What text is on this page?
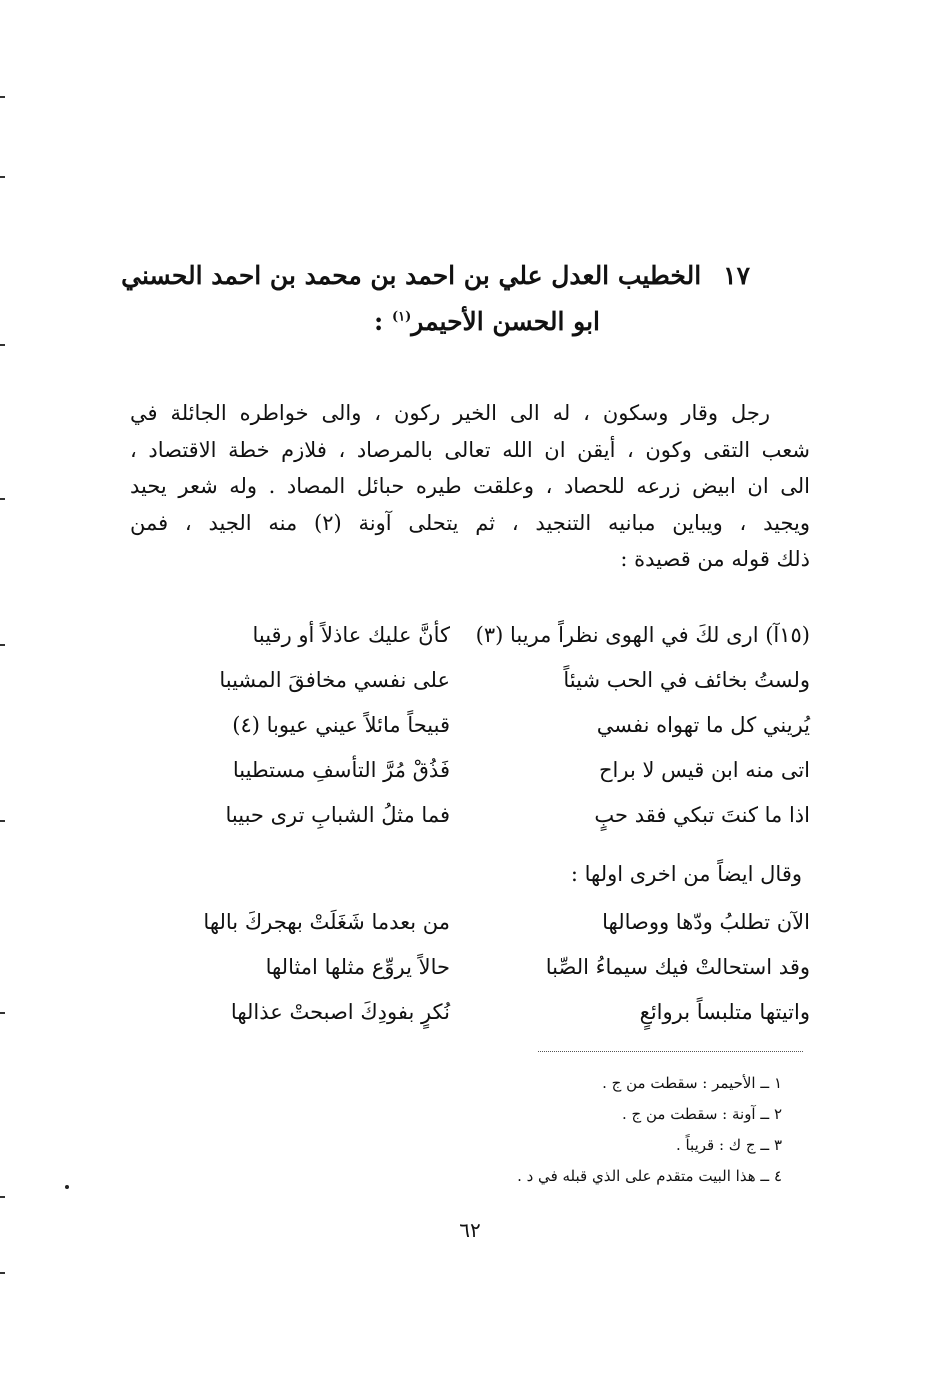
١٧الخطيب العدل علي بن احمد بن محمد بن احمد الحسني
ابو الحسن الأحيمر$^{(١)}$ :
رجل وقار وسكون ، له الى الخير ركون ، والى خواطره الجائلة في
شعب التقى وكون ، أيقن ان الله تعالى بالمرصاد ، فلازم خطة الاقتصاد ،
الى ان ابيض زرعه للحصاد ، وعلقت طيره حبائل المصاد . وله شعر يحيد
ويجيد ، ويباين مبانيه التنجيد ، ثم يتحلى آونة (٢) منه الجيد ، فمن
ذلك قوله من قصيدة :
(١٥آ) ارى لكَ في الهوى نظراً مريبا (٣)
كأنَّ عليك عاذلاً أو رقيبا
ولستُ بخائف في الحب شيئاً
على نفسي مخافقَ المشيبا
يُريني كل ما تهواه نفسي
قبيحاً مائلاً عيني عيوبا (٤)
اتى منه ابن قيس لا براح
فَذُقْ مُرَّ التأسفِ مستطيبا
اذا ما كنتَ تبكي فقد حبٍ
فما مثلُ الشبابِ ترى حبيبا
وقال ايضاً من اخرى اولها :
الآن تطلبُ ودّها ووصالها
من بعدما شَغَلَتْ بهجركَ بالها
وقد استحالتْ فيك سيماءُ الصِّبا
حالاً يروِّع مثلها امثالها
واتيتها متلبساً بروائعٍ
نُكرٍ بفودِكَ اصبحتْ عذالها
١ ــ الأحيمر : سقطت من ج .
٢ ــ آونة : سقطت من ج .
٣ ــ ج ك : قريباً .
٤ ــ هذا البيت متقدم على الذي قبله في د .
٦٢
